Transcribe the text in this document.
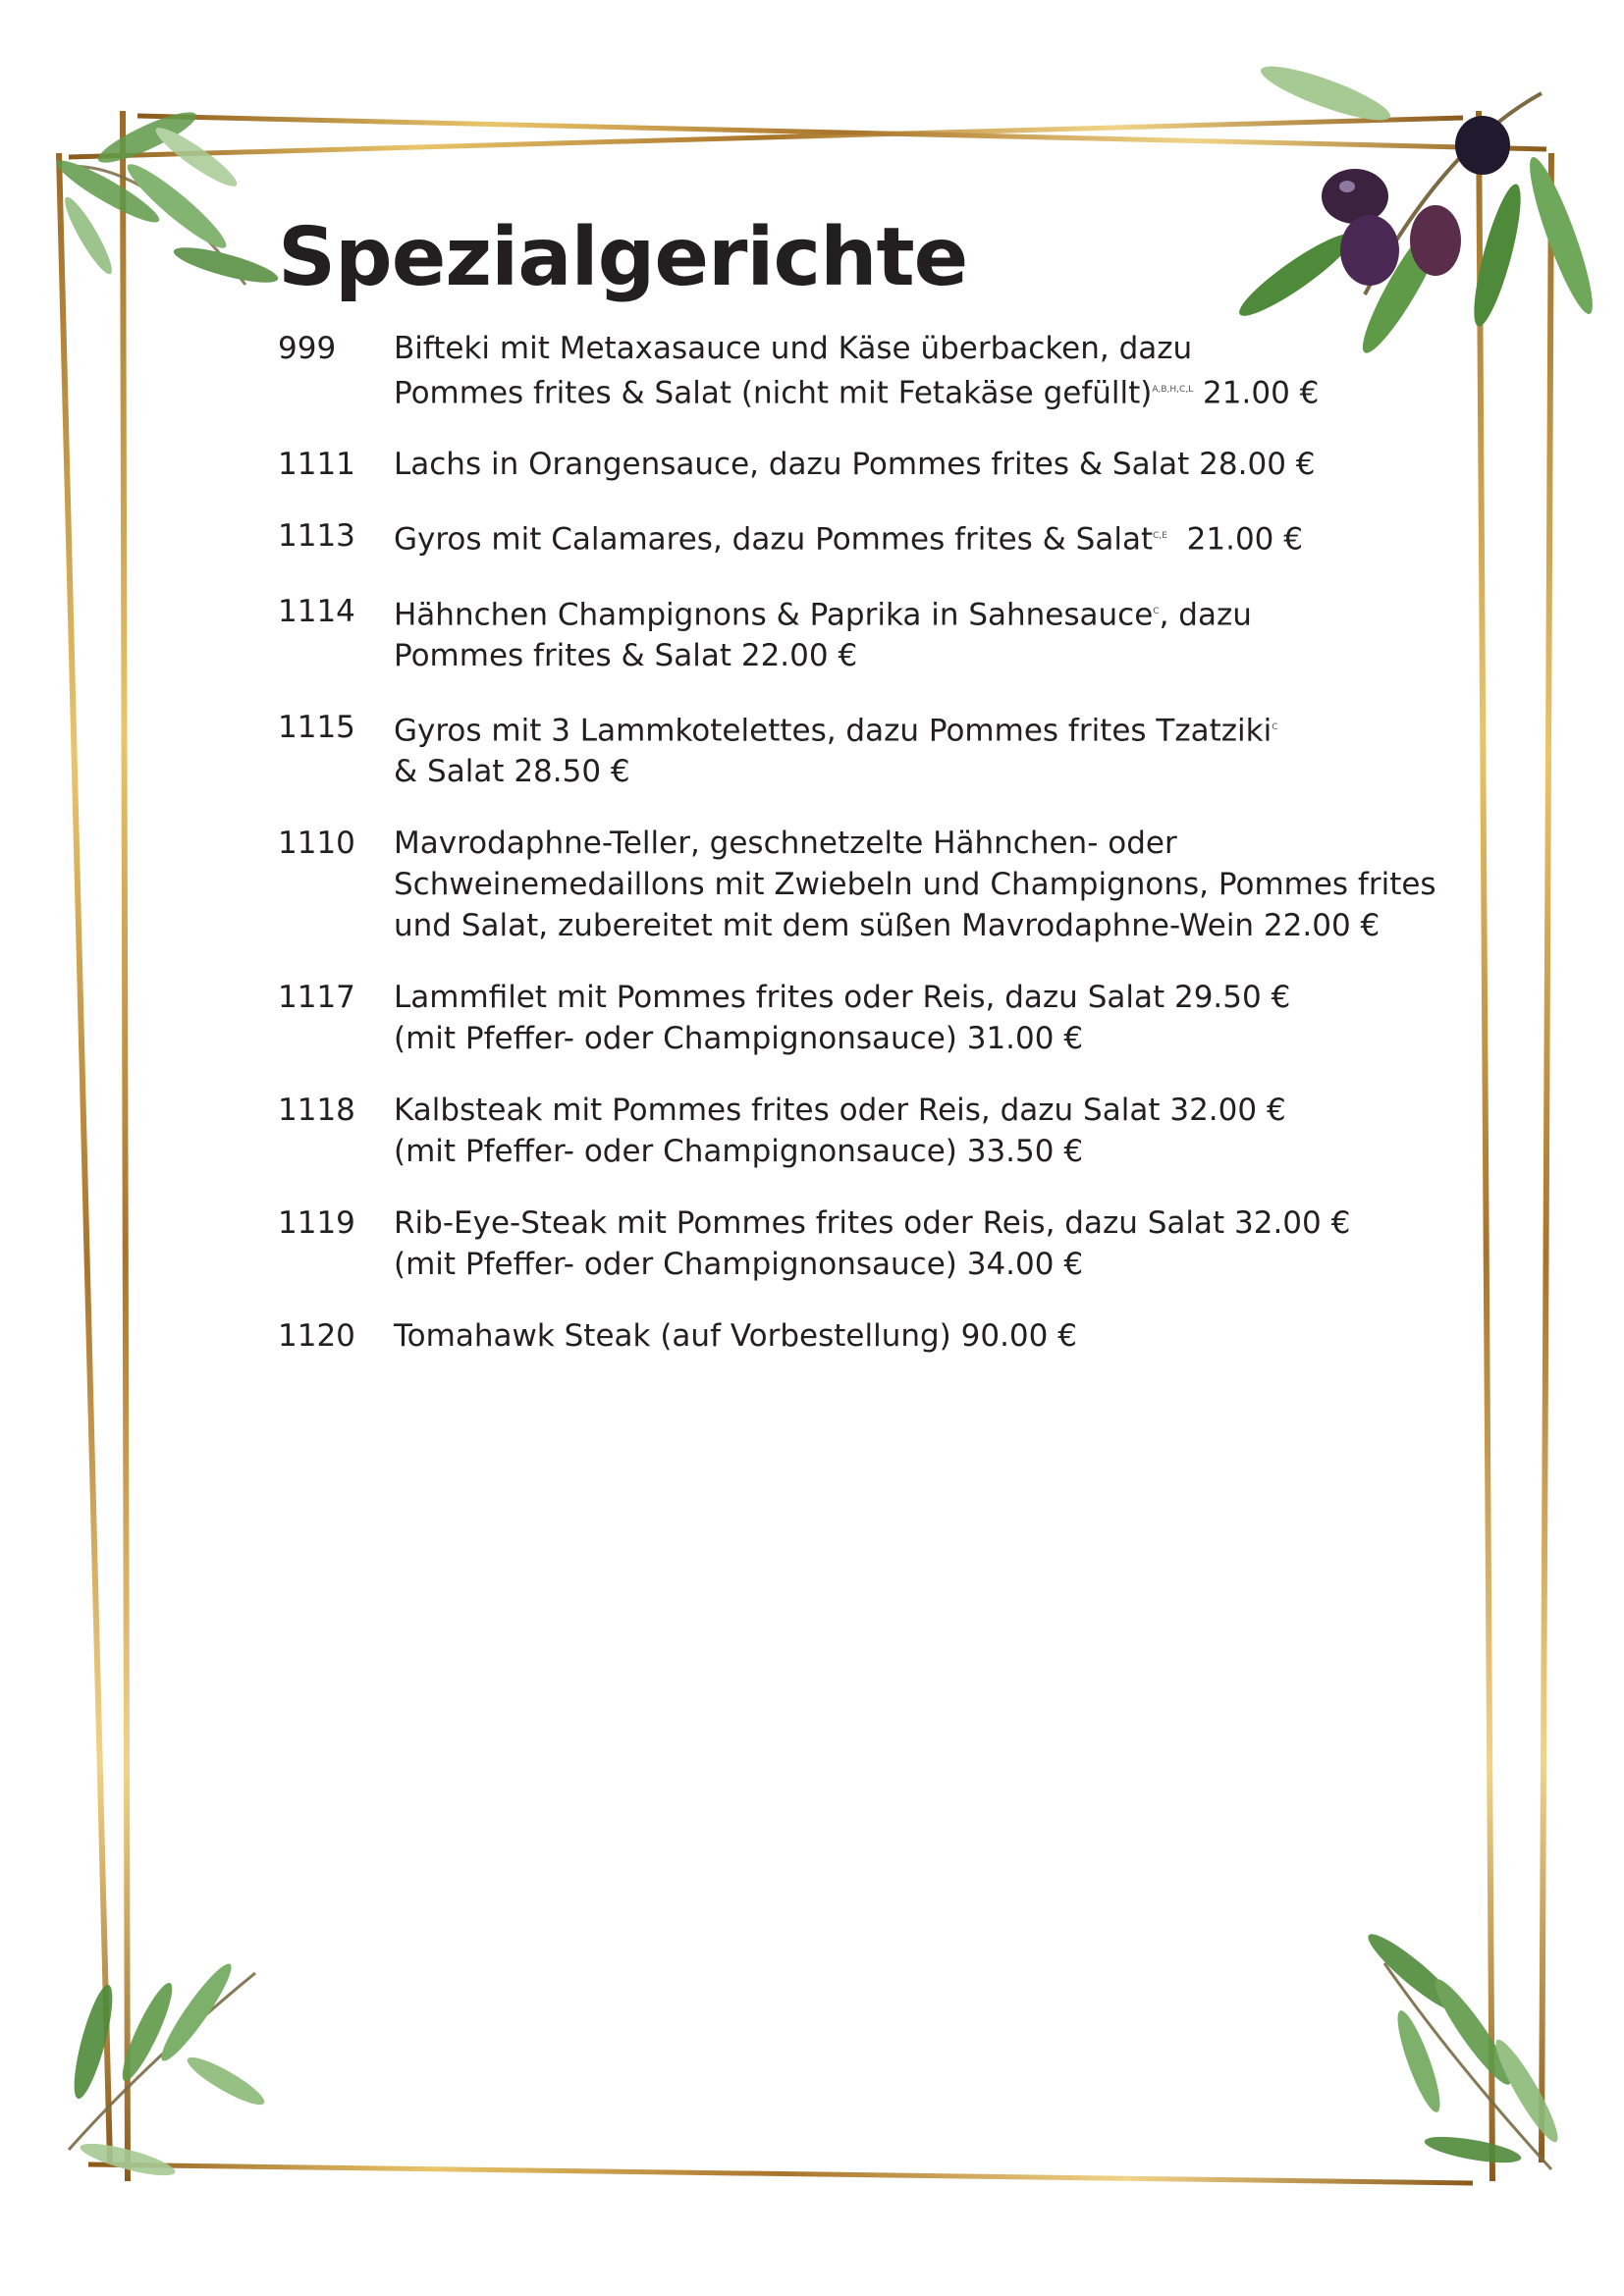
Spezialgerichte
999	Bifteki mit Metaxasauce und Käse überbacken, dazu
Pommes frites & Salat (nicht mit Fetakäse gefüllt)$^{A,B,H,C,L}$ 21.00 €
1111	Lachs in Orangensauce, dazu Pommes frites & Salat 28.00 €
1113	Gyros mit Calamares, dazu Pommes frites & Salat$^{C,E}$  21.00 €
1114	Hähnchen Champignons & Paprika in Sahnesauce$^C$, dazu
Pommes frites & Salat 22.00 €
1115	Gyros mit 3 Lammkotelettes, dazu Pommes frites Tzatziki$^C$
& Salat 28.50 €
1110	Mavrodaphne-Teller, geschnetzelte Hähnchen- oder
Schweinemedaillons mit Zwiebeln und Champignons, Pommes frites
und Salat, zubereitet mit dem süßen Mavrodaphne-Wein 22.00 €
1117	Lammfilet mit Pommes frites oder Reis, dazu Salat 29.50 €
(mit Pfeffer- oder Champignonsauce) 31.00 €
1118	Kalbsteak mit Pommes frites oder Reis, dazu Salat 32.00 €
(mit Pfeffer- oder Champignonsauce) 33.50 €
1119	Rib-Eye-Steak mit Pommes frites oder Reis, dazu Salat 32.00 €
(mit Pfeffer- oder Champignonsauce) 34.00 €
1120	Tomahawk Steak (auf Vorbestellung) 90.00 €
